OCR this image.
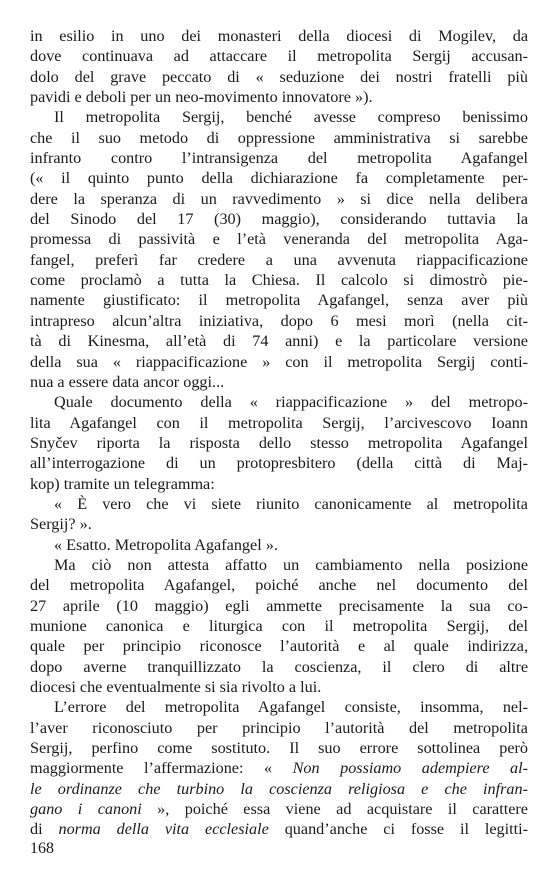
in esilio in uno dei monasteri della diocesi di Mogilev, da
dove continuava ad attaccare il metropolita Sergij accusan-
dolo del grave peccato di « seduzione dei nostri fratelli più
pavidi e deboli per un neo-movimento innovatore »).
Il metropolita Sergij, benché avesse compreso benissimo
che il suo metodo di oppressione amministrativa si sarebbe
infranto contro l’intransigenza del metropolita Agafangel
(« il quinto punto della dichiarazione fa completamente per-
dere la speranza di un ravvedimento » si dice nella delibera
del Sinodo del 17 (30) maggio), considerando tuttavia la
promessa di passività e l’età veneranda del metropolita Aga-
fangel, preferì far credere a una avvenuta riappacificazione
come proclamò a tutta la Chiesa. Il calcolo si dimostrò pie-
namente giustificato: il metropolita Agafangel, senza aver più
intrapreso alcun’altra iniziativa, dopo 6 mesi morì (nella cit-
tà di Kinesma, all’età di 74 anni) e la particolare versione
della sua « riappacificazione » con il metropolita Sergij conti-
nua a essere data ancor oggi...
Quale documento della « riappacificazione » del metropo-
lita Agafangel con il metropolita Sergij, l’arcivescovo Ioann
Snyčev riporta la risposta dello stesso metropolita Agafangel
all’interrogazione di un protopresbitero (della città di Maj-
kop) tramite un telegramma:
« È vero che vi siete riunito canonicamente al metropolita
Sergij? ».
« Esatto. Metropolita Agafangel ».
Ma ciò non attesta affatto un cambiamento nella posizione
del metropolita Agafangel, poiché anche nel documento del
27 aprile (10 maggio) egli ammette precisamente la sua co-
munione canonica e liturgica con il metropolita Sergij, del
quale per principio riconosce l’autorità e al quale indirizza,
dopo averne tranquillizzato la coscienza, il clero di altre
diocesi che eventualmente si sia rivolto a lui.
L’errore del metropolita Agafangel consiste, insomma, nel-
l’aver riconosciuto per principio l’autorità del metropolita
Sergij, perfino come sostituto. Il suo errore sottolinea però
maggiormente l’affermazione: « Non possiamo adempiere al-
le ordinanze che turbino la coscienza religiosa e che infran-
gano i canoni », poiché essa viene ad acquistare il carattere
di norma della vita ecclesiale quand’anche ci fosse il legitti-
168
